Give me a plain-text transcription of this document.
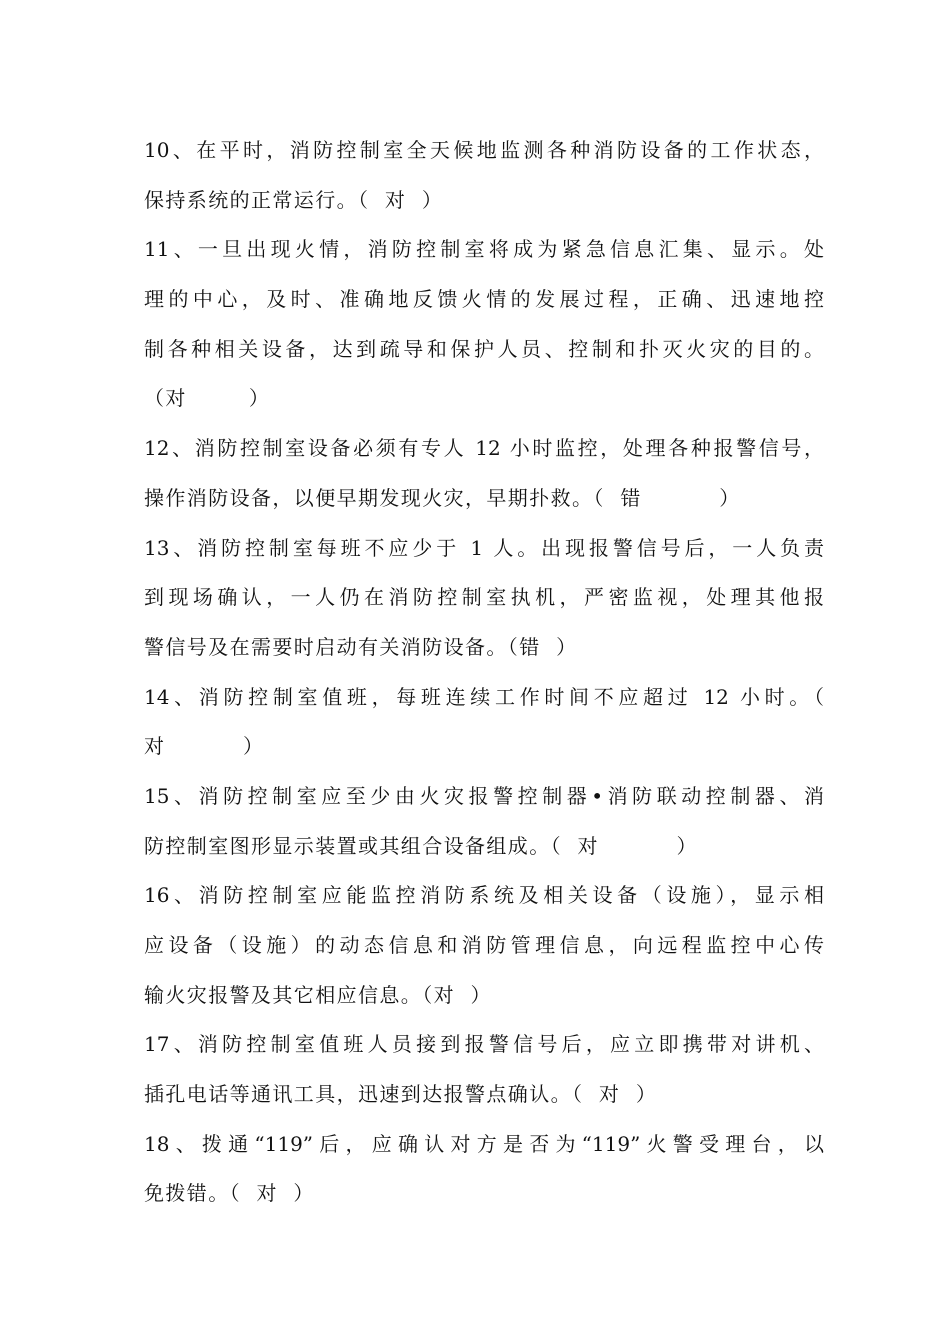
10、在平时，消防控制室全天候地监测各种消防设备的工作状态，
保持系统的正常运行。（  对  ）
11、一旦出现火情，消防控制室将成为紧急信息汇集、显示。处
理的中心，及时、准确地反馈火情的发展过程，正确、迅速地控
制各种相关设备，达到疏导和保护人员、控制和扑灭火灾的目的。
（对        ）
12、消防控制室设备必须有专人 12 小时监控，处理各种报警信号，
操作消防设备，以便早期发现火灾，早期扑救。（  错          ）
13、消防控制室每班不应少于 1 人。出现报警信号后，一人负责
到现场确认，一人仍在消防控制室执机，严密监视，处理其他报
警信号及在需要时启动有关消防设备。（错  ）
14、消防控制室值班，每班连续工作时间不应超过 12 小时。（
对          ）
15、消防控制室应至少由火灾报警控制器•消防联动控制器、消
防控制室图形显示装置或其组合设备组成。（  对          ）
16、消防控制室应能监控消防系统及相关设备（设施），显示相
应设备（设施）的动态信息和消防管理信息，向远程监控中心传
输火灾报警及其它相应信息。（对  ）
17、消防控制室值班人员接到报警信号后，应立即携带对讲机、
插孔电话等通讯工具，迅速到达报警点确认。（  对  ）
18、拨通“119”后，应确认对方是否为“119”火警受理台，以
免拨错。（  对  ）
